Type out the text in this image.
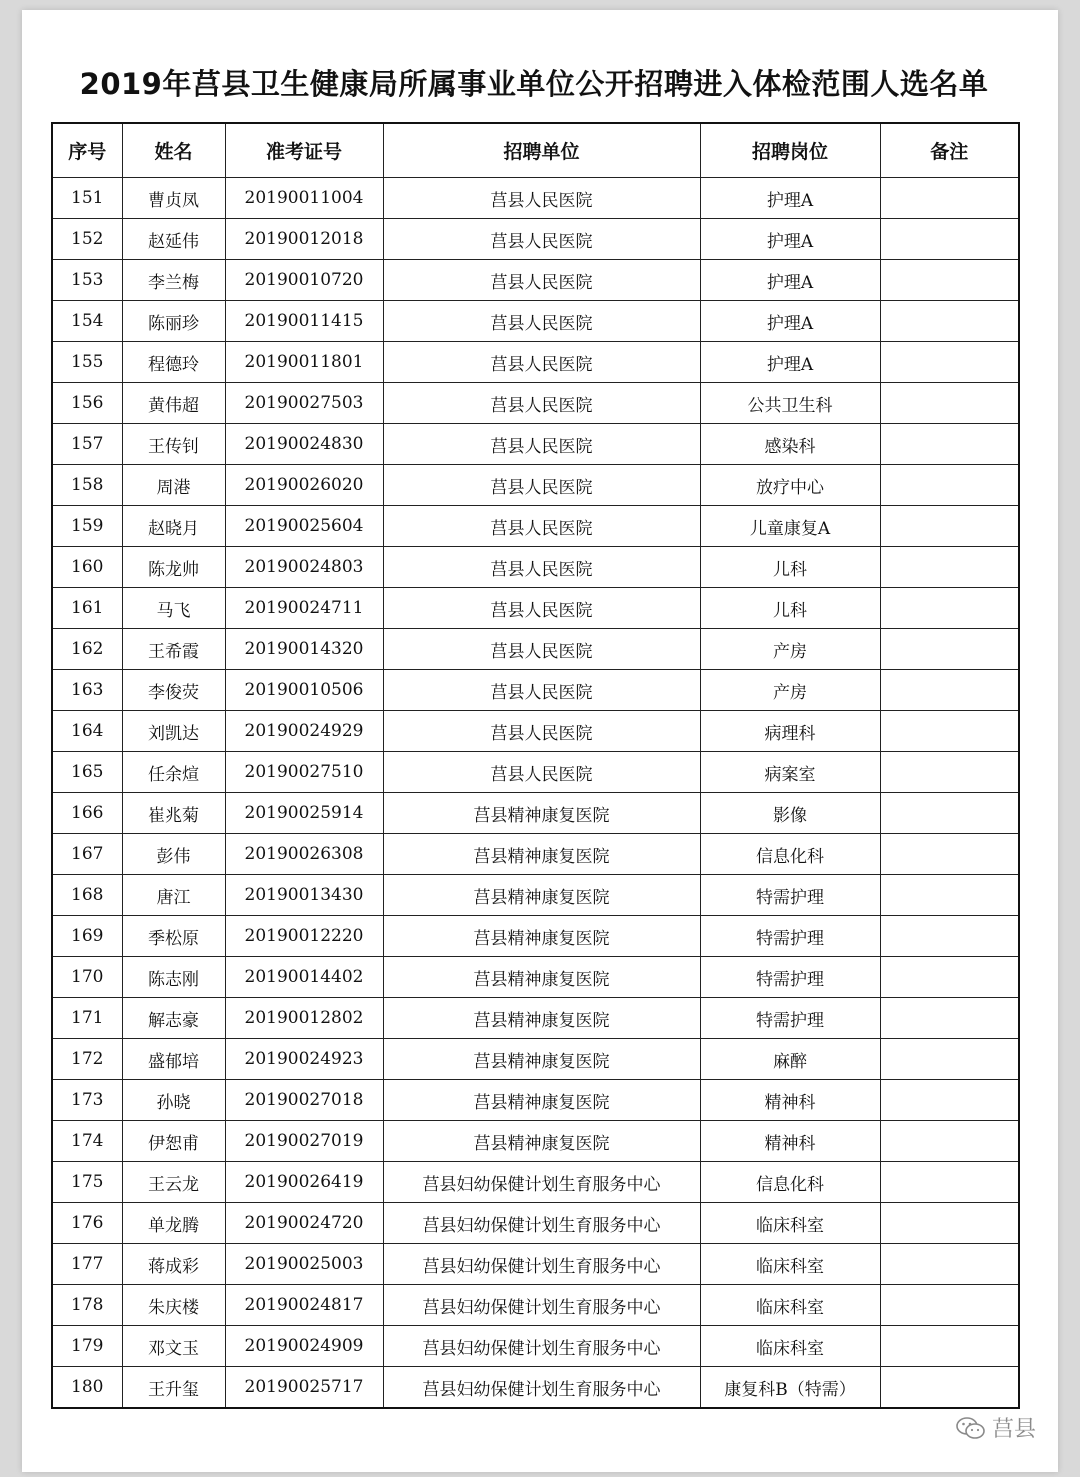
2019年莒县卫生健康局所属事业单位公开招聘进入体检范围人选名单
序号	姓名	准考证号	招聘单位	招聘岗位	备注
151	曹贞凤	20190011004	莒县人民医院	护理A	
152	赵延伟	20190012018	莒县人民医院	护理A	
153	李兰梅	20190010720	莒县人民医院	护理A	
154	陈丽珍	20190011415	莒县人民医院	护理A	
155	程德玲	20190011801	莒县人民医院	护理A	
156	黄伟超	20190027503	莒县人民医院	公共卫生科	
157	王传钊	20190024830	莒县人民医院	感染科	
158	周港	20190026020	莒县人民医院	放疗中心	
159	赵晓月	20190025604	莒县人民医院	儿童康复A	
160	陈龙帅	20190024803	莒县人民医院	儿科	
161	马飞	20190024711	莒县人民医院	儿科	
162	王希霞	20190014320	莒县人民医院	产房	
163	李俊荧	20190010506	莒县人民医院	产房	
164	刘凯达	20190024929	莒县人民医院	病理科	
165	任余煊	20190027510	莒县人民医院	病案室	
166	崔兆菊	20190025914	莒县精神康复医院	影像	
167	彭伟	20190026308	莒县精神康复医院	信息化科	
168	唐江	20190013430	莒县精神康复医院	特需护理	
169	季松原	20190012220	莒县精神康复医院	特需护理	
170	陈志刚	20190014402	莒县精神康复医院	特需护理	
171	解志豪	20190012802	莒县精神康复医院	特需护理	
172	盛郁培	20190024923	莒县精神康复医院	麻醉	
173	孙晓	20190027018	莒县精神康复医院	精神科	
174	伊恕甫	20190027019	莒县精神康复医院	精神科	
175	王云龙	20190026419	莒县妇幼保健计划生育服务中心	信息化科	
176	单龙腾	20190024720	莒县妇幼保健计划生育服务中心	临床科室	
177	蒋成彩	20190025003	莒县妇幼保健计划生育服务中心	临床科室	
178	朱庆楼	20190024817	莒县妇幼保健计划生育服务中心	临床科室	
179	邓文玉	20190024909	莒县妇幼保健计划生育服务中心	临床科室	
180	王升玺	20190025717	莒县妇幼保健计划生育服务中心	康复科B（特需）	
莒县
